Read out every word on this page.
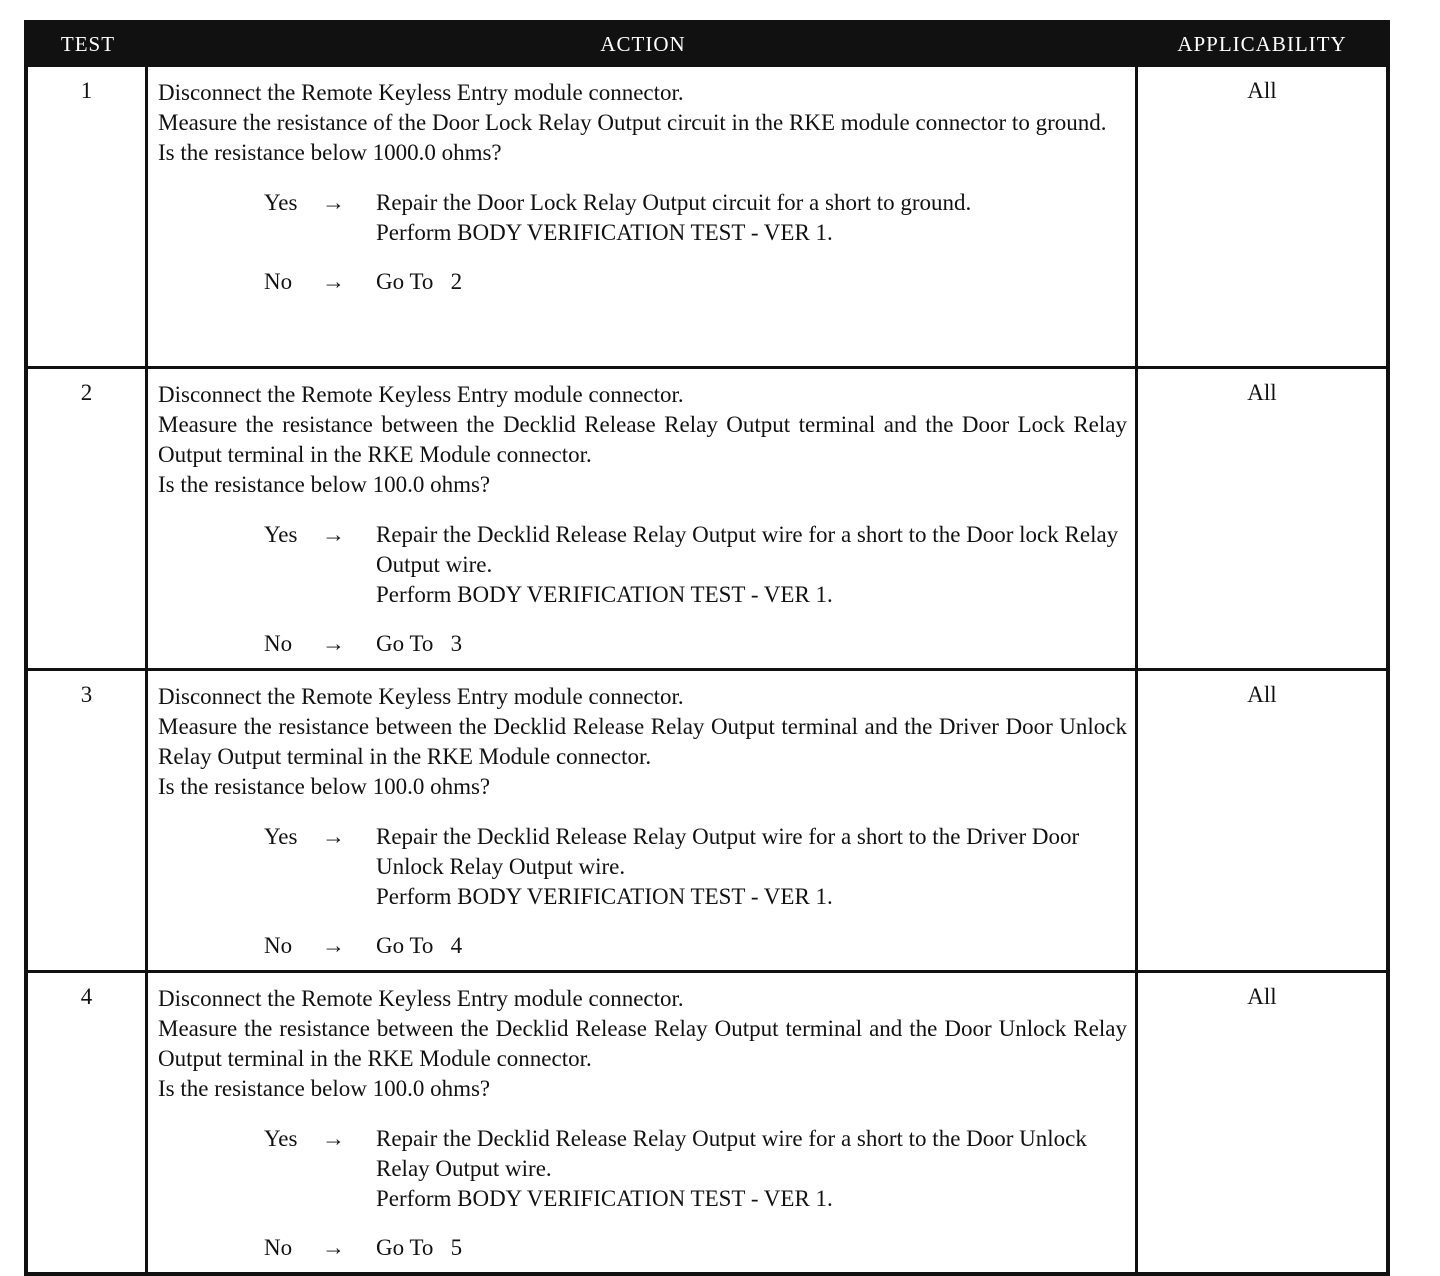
TEST	ACTION	APPLICABILITY
1	Disconnect the Remote Keyless Entry module connector.
Measure the resistance of the Door Lock Relay Output circuit in the RKE module connector to ground.
Is the resistance below 1000.0 ohms?
Yes	→	Repair the Door Lock Relay Output circuit for a short to ground.
Perform BODY VERIFICATION TEST - VER 1.
No	→	Go To   2
All
2	Disconnect the Remote Keyless Entry module connector.
Measure the resistance between the Decklid Release Relay Output terminal and the Door Lock Relay Output terminal in the RKE Module connector.
Is the resistance below 100.0 ohms?
Yes	→	Repair the Decklid Release Relay Output wire for a short to the Door lock Relay Output wire.
Perform BODY VERIFICATION TEST - VER 1.
No	→	Go To   3
All
3	Disconnect the Remote Keyless Entry module connector.
Measure the resistance between the Decklid Release Relay Output terminal and the Driver Door Unlock Relay Output terminal in the RKE Module connector.
Is the resistance below 100.0 ohms?
Yes	→	Repair the Decklid Release Relay Output wire for a short to the Driver Door Unlock Relay Output wire.
Perform BODY VERIFICATION TEST - VER 1.
No	→	Go To   4
All
4	Disconnect the Remote Keyless Entry module connector.
Measure the resistance between the Decklid Release Relay Output terminal and the Door Unlock Relay Output terminal in the RKE Module connector.
Is the resistance below 100.0 ohms?
Yes	→	Repair the Decklid Release Relay Output wire for a short to the Door Unlock Relay Output wire.
Perform BODY VERIFICATION TEST - VER 1.
No	→	Go To   5
All
